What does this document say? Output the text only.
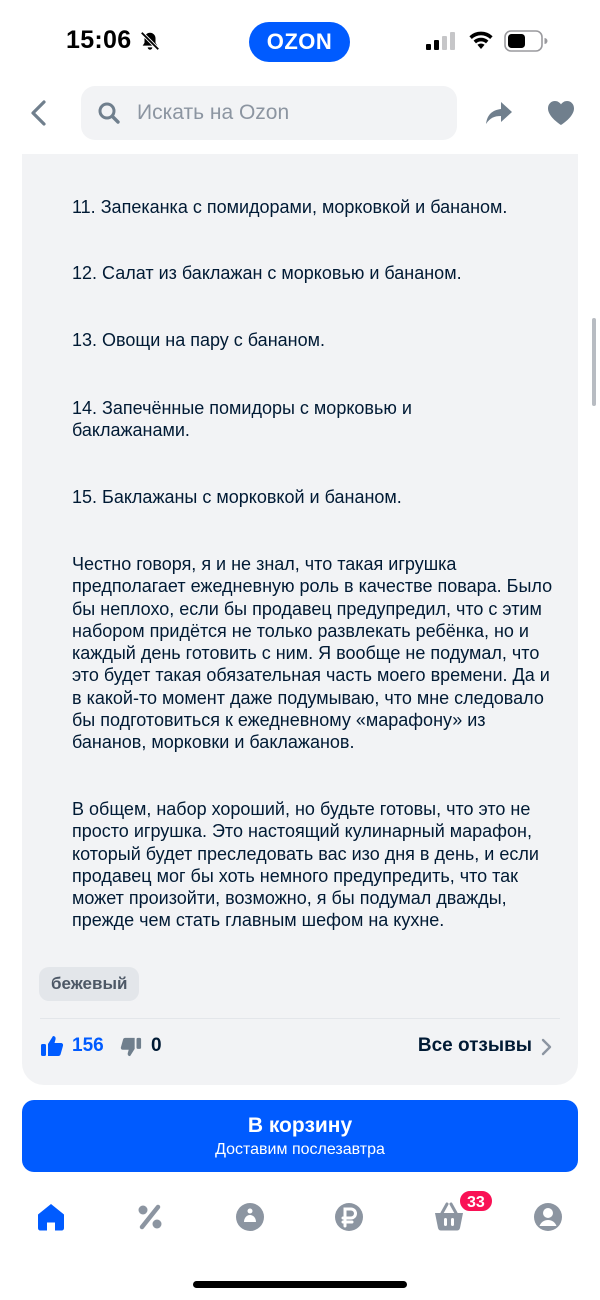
15:06	OZON
Искать на Ozon
11. Запеканка с помидорами, морковкой и бананом.
12. Салат из баклажан с морковью и бананом.
13. Овощи на пару с бананом.
14. Запечённые помидоры с морковью и баклажанами.
15. Баклажаны с морковкой и бананом.
Честно говоря, я и не знал, что такая игрушка предполагает ежедневную роль в качестве повара. Было бы неплохо, если бы продавец предупредил, что с этим набором придётся не только развлекать ребёнка, но и каждый день готовить с ним. Я вообще не подумал, что это будет такая обязательная часть моего времени. Да и в какой-то момент даже подумываю, что мне следовало бы подготовиться к ежедневному «марафону» из бананов, морковки и баклажанов.
В общем, набор хороший, но будьте готовы, что это не просто игрушка. Это настоящий кулинарный марафон, который будет преследовать вас изо дня в день, и если продавец мог бы хоть немного предупредить, что так может произойти, возможно, я бы подумал дважды, прежде чем стать главным шефом на кухне.
бежевый
156 0	Все отзывы
В корзину
Доставим послезавтра
33
